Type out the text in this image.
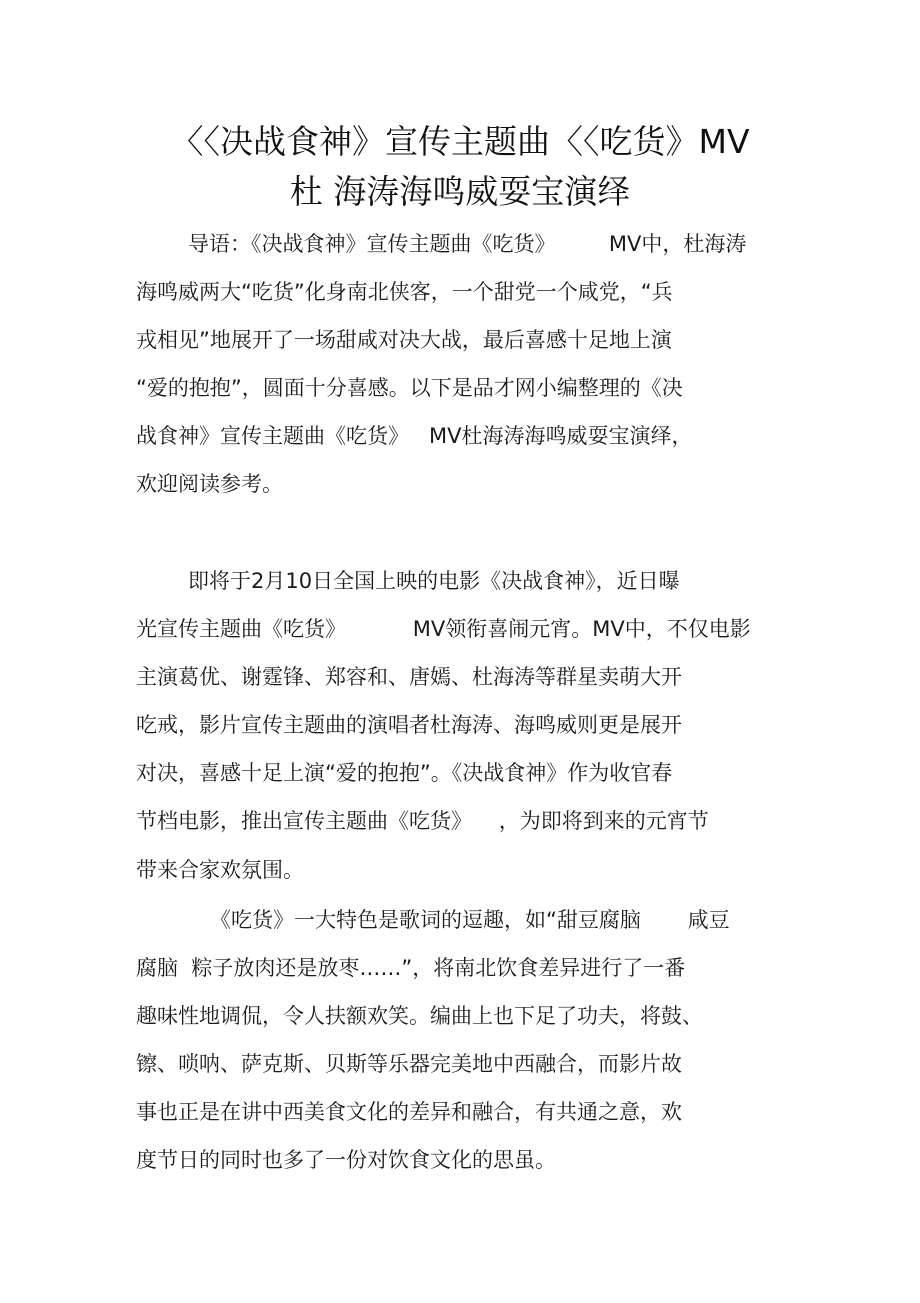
〈〈决战食神》宣传主题曲〈〈吃货》MV
杜 海涛海鸣威耍宝演绎
导语：《决战食神》宣传主题曲《吃货》        MV中，杜海涛
海鸣威两大“吃货”化身南北侠客，一个甜党一个咸党，“兵
戎相见”地展开了一场甜咸对决大战，最后喜感十足地上演
“爱的抱抱”，圆面十分喜感。以下是品才网小编整理的《决
战食神》宣传主题曲《吃货》   MV杜海涛海鸣威耍宝演绎，
欢迎阅读参考。
即将于2月10日全国上映的电影《决战食神》，近日曝
光宣传主题曲《吃货》          MV领衔喜闹元宵。MV中，不仅电影
主演葛优、谢霆锋、郑容和、唐嫣、杜海涛等群星卖萌大开
吃戒，影片宣传主题曲的演唱者杜海涛、海鸣威则更是展开
对决，喜感十足上演“爱的抱抱”。《决战食神》作为收官春
节档电影，推出宣传主题曲《吃货》    ，为即将到来的元宵节
带来合家欢氛围。
《吃货》一大特色是歌词的逗趣，如“甜豆腐脑       咸豆
腐脑  粽子放肉还是放枣……”，将南北饮食差异进行了一番
趣味性地调侃，令人扶额欢笑。编曲上也下足了功夫，将鼓、
镲、唢呐、萨克斯、贝斯等乐器完美地中西融合，而影片故
事也正是在讲中西美食文化的差异和融合，有共通之意，欢
度节日的同时也多了一份对饮食文化的思虽。
